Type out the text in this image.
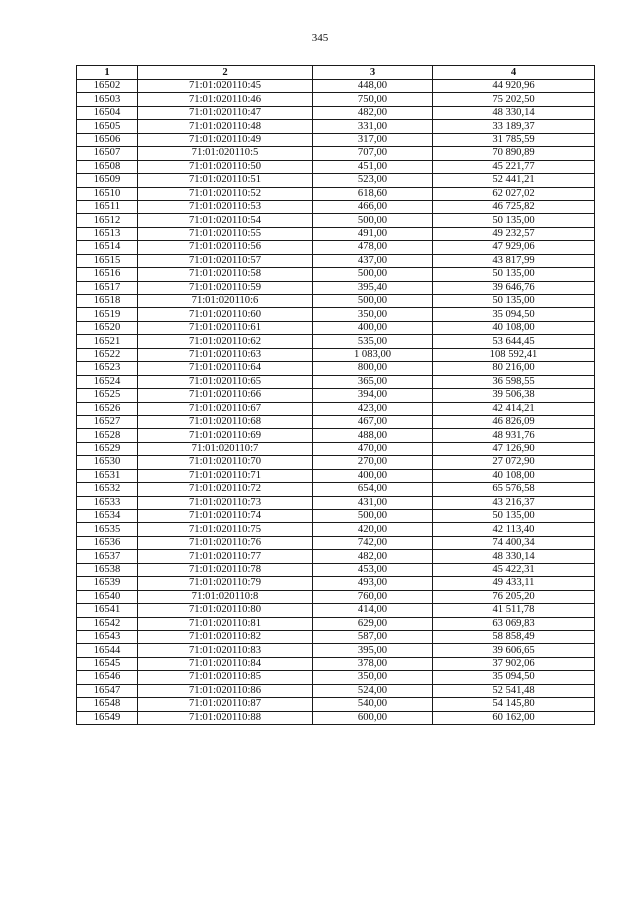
345
1	2	3	4
16502	71:01:020110:45	448,00	44 920,96
16503	71:01:020110:46	750,00	75 202,50
16504	71:01:020110:47	482,00	48 330,14
16505	71:01:020110:48	331,00	33 189,37
16506	71:01:020110:49	317,00	31 785,59
16507	71:01:020110:5	707,00	70 890,89
16508	71:01:020110:50	451,00	45 221,77
16509	71:01:020110:51	523,00	52 441,21
16510	71:01:020110:52	618,60	62 027,02
16511	71:01:020110:53	466,00	46 725,82
16512	71:01:020110:54	500,00	50 135,00
16513	71:01:020110:55	491,00	49 232,57
16514	71:01:020110:56	478,00	47 929,06
16515	71:01:020110:57	437,00	43 817,99
16516	71:01:020110:58	500,00	50 135,00
16517	71:01:020110:59	395,40	39 646,76
16518	71:01:020110:6	500,00	50 135,00
16519	71:01:020110:60	350,00	35 094,50
16520	71:01:020110:61	400,00	40 108,00
16521	71:01:020110:62	535,00	53 644,45
16522	71:01:020110:63	1 083,00	108 592,41
16523	71:01:020110:64	800,00	80 216,00
16524	71:01:020110:65	365,00	36 598,55
16525	71:01:020110:66	394,00	39 506,38
16526	71:01:020110:67	423,00	42 414,21
16527	71:01:020110:68	467,00	46 826,09
16528	71:01:020110:69	488,00	48 931,76
16529	71:01:020110:7	470,00	47 126,90
16530	71:01:020110:70	270,00	27 072,90
16531	71:01:020110:71	400,00	40 108,00
16532	71:01:020110:72	654,00	65 576,58
16533	71:01:020110:73	431,00	43 216,37
16534	71:01:020110:74	500,00	50 135,00
16535	71:01:020110:75	420,00	42 113,40
16536	71:01:020110:76	742,00	74 400,34
16537	71:01:020110:77	482,00	48 330,14
16538	71:01:020110:78	453,00	45 422,31
16539	71:01:020110:79	493,00	49 433,11
16540	71:01:020110:8	760,00	76 205,20
16541	71:01:020110:80	414,00	41 511,78
16542	71:01:020110:81	629,00	63 069,83
16543	71:01:020110:82	587,00	58 858,49
16544	71:01:020110:83	395,00	39 606,65
16545	71:01:020110:84	378,00	37 902,06
16546	71:01:020110:85	350,00	35 094,50
16547	71:01:020110:86	524,00	52 541,48
16548	71:01:020110:87	540,00	54 145,80
16549	71:01:020110:88	600,00	60 162,00
